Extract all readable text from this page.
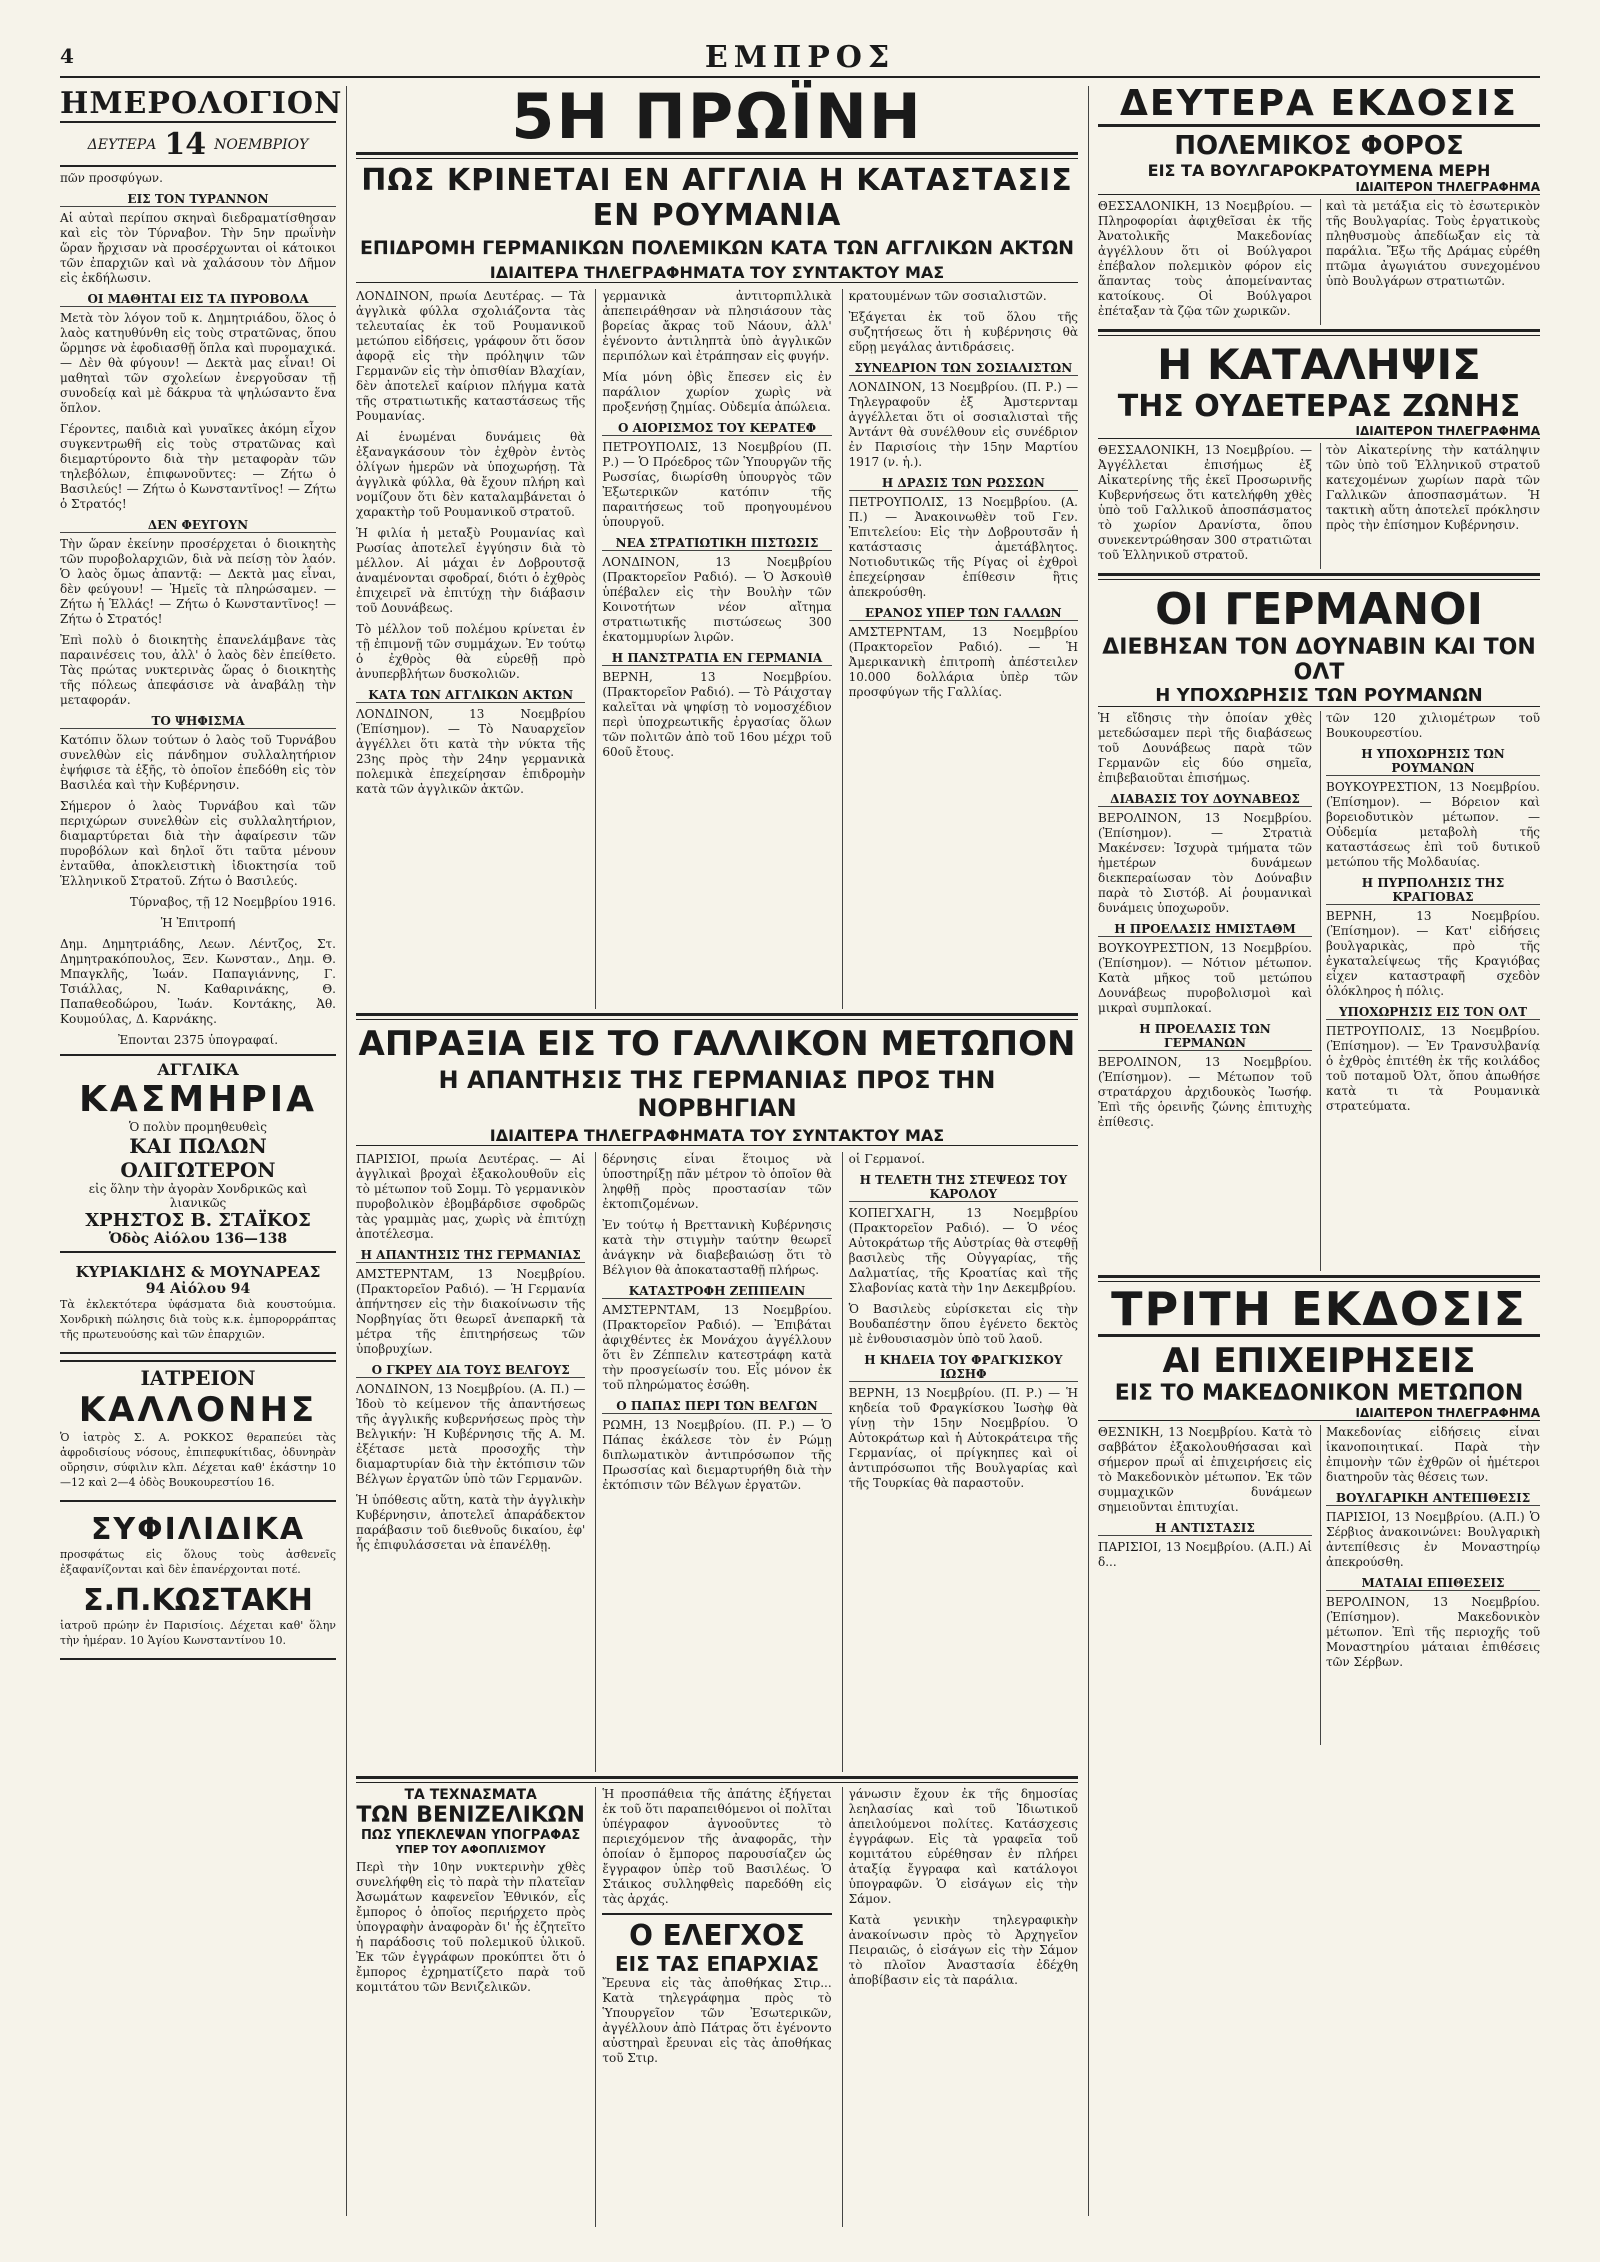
4	ΕΜΠΡΟΣ
ΗΜΕΡΟΛΟΓΙΟΝ
ΔΕΥΤΕΡΑ 14 ΝΟΕΜΒΡΙΟΥ

πῶν προσφύγων.

ΕΙΣ ΤΟΝ ΤΥΡΑΝΝΟΝ

Αἱ αὐταὶ περίπου σκηναὶ διεδραματίσθησαν καὶ εἰς τὸν Τύρναβον. Τὴν 5ην πρωΐνὴν ὥραν ἤρχισαν νὰ προσέρχωνται οἱ κάτοικοι τῶν ἐπαρχιῶν καὶ νὰ χαλάσουν τὸν Δῆμον εἰς ἐκδήλωσιν.

ΟΙ ΜΑΘΗΤΑΙ ΕΙΣ ΤΑ ΠΥΡΟΒΟΛΑ

Μετὰ τὸν λόγον τοῦ κ. Δημητριάδου, ὅλος ὁ λαὸς κατηυθύνθη εἰς τοὺς στρατῶνας, ὅπου ὥρμησε νὰ ἐφοδιασθῇ ὅπλα καὶ πυρομαχικά. — Δὲν θὰ φύγουν! — Δεκτὰ μας εἶναι! Οἱ μαθηταὶ τῶν σχολείων ἐνεργοῦσαν τῇ συνοδείᾳ καὶ μὲ δάκρυα τὰ ψηλώσαντο ἕνα ὅπλον.

Γέροντες, παιδιὰ καὶ γυναῖκες ἀκόμη εἶχον συγκεντρωθῆ εἰς τοὺς στρατῶνας καὶ διεμαρτύροντο διὰ τὴν μεταφορὰν τῶν τηλεβόλων, ἐπιφωνοῦντες: — Ζήτω ὁ Βασιλεύς! — Ζήτω ὁ Κωνσταντῖνος! — Ζήτω ὁ Στρατός!

ΔΕΝ ΦΕΥΓΟΥΝ

Τὴν ὥραν ἐκείνην προσέρχεται ὁ διοικητὴς τῶν πυροβολαρχιῶν, διὰ νὰ πείσῃ τὸν λαόν. Ὁ λαὸς ὅμως ἀπαντᾷ: — Δεκτὰ μας εἶναι, δὲν φεύγουν! — Ἠμεῖς τὰ πληρώσαμεν. — Ζήτω ἡ Ἑλλάς! — Ζήτω ὁ Κωνσταντῖνος! — Ζήτω ὁ Στρατός!

Ἐπὶ πολὺ ὁ διοικητὴς ἐπανελάμβανε τὰς παραινέσεις του, ἀλλ' ὁ λαὸς δὲν ἐπείθετο. Τὰς πρώτας νυκτερινὰς ὥρας ὁ διοικητὴς τῆς πόλεως ἀπεφάσισε νὰ ἀναβάλῃ τὴν μεταφοράν.

ΤΟ ΨΗΦΙΣΜΑ

Κατόπιν ὅλων τούτων ὁ λαὸς τοῦ Τυρνάβου συνελθὼν εἰς πάνδημον συλλαλητήριον ἐψήφισε τὰ ἑξῆς, τὸ ὁποῖον ἐπεδόθη εἰς τὸν Βασιλέα καὶ τὴν Κυβέρνησιν.

Σήμερον ὁ λαὸς Τυρνάβου καὶ τῶν περιχώρων συνελθὼν εἰς συλλαλητήριον, διαμαρτύρεται διὰ τὴν ἀφαίρεσιν τῶν πυροβόλων καὶ δηλοῖ ὅτι ταῦτα μένουν ἐνταῦθα, ἀποκλειστικὴ ἰδιοκτησία τοῦ Ἑλληνικοῦ Στρατοῦ. Ζήτω ὁ Βασιλεύς.

Τύρναβος, τῇ 12 Νοεμβρίου 1916.

Ἡ Ἐπιτροπή

Δημ. Δημητριάδης, Λεων. Λέντζος, Στ. Δημητρακόπουλος, Ξεν. Κωνσταν., Δημ. Θ. Μπαγκλῆς, Ἰωάν. Παπαγιάννης, Γ. Τσιάλλας, Ν. Καθαρινάκης, Θ. Παπαθεοδώρου, Ἰωάν. Κοντάκης, Ἀθ. Κουμούλας, Δ. Καρνάκης.

Ἐπονται 2375 ὑπογραφαί.

ΑΓΓΛΙΚΑ
ΚΑΣΜΗΡΙΑ
Ὁ πολὺν προμηθευθεὶς
ΚΑΙ ΠΩΛΩΝ ΟΛΙΓΩΤΕΡΟΝ
εἰς ὅλην τὴν ἀγορὰν Χονδρικῶς καὶ λιανικῶς
ΧΡΗΣΤΟΣ Β. ΣΤΑΪΚΟΣ
Ὁδὸς Αἰόλου 136—138
ΚΥΡΙΑΚΙΔΗΣ & ΜΟΥΝΑΡΕΑΣ
94 Αἰόλου 94

Τὰ ἐκλεκτότερα ὑφάσματα διὰ κουστούμια. Χονδρικὴ πώλησις διὰ τοὺς κ.κ. ἐμπορορράπτας τῆς πρωτευούσης καὶ τῶν ἐπαρχιῶν.

ΙΑΤΡΕΙΟΝ
ΚΑΛΛΟΝΗΣ

Ὁ ἰατρὸς Σ. Α. ΡΟΚΚΟΣ θεραπεύει τὰς ἀφροδισίους νόσους, ἐπιπεφυκίτιδας, ὀδυνηρὰν οὔρησιν, σύφιλιν κλπ. Δέχεται καθ' ἑκάστην 10—12 καὶ 2—4 ὁδὸς Βουκουρεστίου 16.

ΣΥΦΙΛΙΔΙΚΑ

προσφάτως εἰς ὅλους τοὺς ἀσθενεῖς ἐξαφανίζονται καὶ δὲν ἐπανέρχονται ποτέ.

Σ.Π.ΚΩΣΤΑΚΗ

ἰατροῦ πρώην ἐν Παρισίοις. Δέχεται καθ' ὅλην τὴν ἡμέραν. 10 Ἁγίου Κωνσταντίνου 10.

5Η ΠΡΩΪΝΗ
ΠΩΣ ΚΡΙΝΕΤΑΙ ΕΝ ΑΓΓΛΙΑ Η ΚΑΤΑΣΤΑΣΙΣ ΕΝ ΡΟΥΜΑΝΙΑ
ΕΠΙΔΡΟΜΗ ΓΕΡΜΑΝΙΚΩΝ ΠΟΛΕΜΙΚΩΝ ΚΑΤΑ ΤΩΝ ΑΓΓΛΙΚΩΝ ΑΚΤΩΝ
ΙΔΙΑΙΤΕΡΑ ΤΗΛΕΓΡΑΦΗΜΑΤΑ ΤΟΥ ΣΥΝΤΑΚΤΟΥ ΜΑΣ

ΛΟΝΔΙΝΟΝ, πρωία Δευτέρας. — Τὰ ἀγγλικὰ φύλλα σχολιάζοντα τὰς τελευταίας ἐκ τοῦ Ρουμανικοῦ μετώπου εἰδήσεις, γράφουν ὅτι ὅσον ἀφορᾷ εἰς τὴν πρόληψιν τῶν Γερμανῶν εἰς τὴν ὀπισθίαν Βλαχίαν, δὲν ἀποτελεῖ καίριον πλήγμα κατὰ τῆς στρατιωτικῆς καταστάσεως τῆς Ρουμανίας.

Αἱ ἑνωμέναι δυνάμεις θὰ ἐξαναγκάσουν τὸν ἐχθρὸν ἐντὸς ὀλίγων ἡμερῶν νὰ ὑποχωρήσῃ. Τὰ ἀγγλικὰ φύλλα, θὰ ἔχουν πλήρη καὶ νομίζουν ὅτι δὲν καταλαμβάνεται ὁ χαρακτὴρ τοῦ Ρουμανικοῦ στρατοῦ.

Ἡ φιλία ἡ μεταξὺ Ρουμανίας καὶ Ρωσίας ἀποτελεῖ ἐγγύησιν διὰ τὸ μέλλον. Αἱ μάχαι ἐν Δοβρουτσᾷ ἀναμένονται σφοδραί, διότι ὁ ἐχθρὸς ἐπιχειρεῖ νὰ ἐπιτύχῃ τὴν διάβασιν τοῦ Δουνάβεως.

Τὸ μέλλον τοῦ πολέμου κρίνεται ἐν τῇ ἐπιμονῇ τῶν συμμάχων. Ἐν τούτῳ ὁ ἐχθρὸς θὰ εὑρεθῇ πρὸ ἀνυπερβλήτων δυσκολιῶν.

ΚΑΤΑ ΤΩΝ ΑΓΓΛΙΚΩΝ ΑΚΤΩΝ

ΛΟΝΔΙΝΟΝ, 13 Νοεμβρίου (Ἐπίσημον). — Τὸ Ναυαρχεῖον ἀγγέλλει ὅτι κατὰ τὴν νύκτα τῆς 23ης πρὸς τὴν 24ην γερμανικὰ πολεμικὰ ἐπεχείρησαν ἐπιδρομὴν κατὰ τῶν ἀγγλικῶν ἀκτῶν.

γερμανικὰ ἀντιτορπιλλικὰ ἀπεπειράθησαν νὰ πλησιάσουν τὰς βορείας ἄκρας τοῦ Νάουν, ἀλλ' ἐγένοντο ἀντιληπτὰ ὑπὸ ἀγγλικῶν περιπόλων καὶ ἐτράπησαν εἰς φυγήν.

Μία μόνη ὀβὶς ἔπεσεν εἰς ἐν παράλιον χωρίον χωρὶς νὰ προξενήσῃ ζημίας. Οὐδεμία ἀπώλεια.

Ο ΑΙΟΡΙΣΜΟΣ ΤΟΥ ΚΕΡΑΤΕΦ

ΠΕΤΡΟΥΠΟΛΙΣ, 13 Νοεμβρίου (Π. Ρ.) — Ὁ Πρόεδρος τῶν Ὑπουργῶν τῆς Ρωσσίας, διωρίσθη ὑπουργὸς τῶν Ἐξωτερικῶν κατόπιν τῆς παραιτήσεως τοῦ προηγουμένου ὑπουργοῦ.

ΝΕΑ ΣΤΡΑΤΙΩΤΙΚΗ ΠΙΣΤΩΣΙΣ

ΛΟΝΔΙΝΟΝ, 13 Νοεμβρίου (Πρακτορεῖον Ραδιό). — Ὁ Ἀσκουὶθ ὑπέβαλεν εἰς τὴν Βουλὴν τῶν Κοινοτήτων νέον αἴτημα στρατιωτικῆς πιστώσεως 300 ἑκατομμυρίων λιρῶν.

Η ΠΑΝΣΤΡΑΤΙΑ ΕΝ ΓΕΡΜΑΝΙΑ

ΒΕΡΝΗ, 13 Νοεμβρίου. (Πρακτορεῖον Ραδιό). — Τὸ Ράιχσταγ καλεῖται νὰ ψηφίσῃ τὸ νομοσχέδιον περὶ ὑποχρεωτικῆς ἐργασίας ὅλων τῶν πολιτῶν ἀπὸ τοῦ 16ου μέχρι τοῦ 60οῦ ἔτους.

κρατουμένων τῶν σοσιαλιστῶν.

Ἐξάγεται ἐκ τοῦ ὅλου τῆς συζητήσεως ὅτι ἡ κυβέρνησις θὰ εὕρῃ μεγάλας ἀντιδράσεις.

ΣΥΝΕΔΡΙΟΝ ΤΩΝ ΣΟΣΙΑΛΙΣΤΩΝ

ΛΟΝΔΙΝΟΝ, 13 Νοεμβρίου. (Π. Ρ.) — Τηλεγραφοῦν ἐξ Ἀμστερνταμ ἀγγέλλεται ὅτι οἱ σοσιαλισταὶ τῆς Ἀντάντ θὰ συνέλθουν εἰς συνέδριον ἐν Παρισίοις τὴν 15ην Μαρτίου 1917 (ν. ἡ.).

Η ΔΡΑΣΙΣ ΤΩΝ ΡΩΣΣΩΝ

ΠΕΤΡΟΥΠΟΛΙΣ, 13 Νοεμβρίου. (Α. Π.) — Ἀνακοινωθὲν τοῦ Γεν. Ἐπιτελείου: Εἰς τὴν Δοβρουτσᾶν ἡ κατάστασις ἀμετάβλητος. Νοτιοδυτικῶς τῆς Ρίγας οἱ ἐχθροὶ ἐπεχείρησαν ἐπίθεσιν ἣτις ἀπεκρούσθη.

ΕΡΑΝΟΣ ΥΠΕΡ ΤΩΝ ΓΑΛΛΩΝ

ΑΜΣΤΕΡΝΤΑΜ, 13 Νοεμβρίου (Πρακτορεῖον Ραδιό). — Ἡ Ἀμερικανικὴ ἐπιτροπὴ ἀπέστειλεν 10.000 δολλάρια ὑπὲρ τῶν προσφύγων τῆς Γαλλίας.

ΑΠΡΑΞΙΑ ΕΙΣ ΤΟ ΓΑΛΛΙΚΟΝ ΜΕΤΩΠΟΝ
Η ΑΠΑΝΤΗΣΙΣ ΤΗΣ ΓΕΡΜΑΝΙΑΣ ΠΡΟΣ ΤΗΝ ΝΟΡΒΗΓΙΑΝ
ΙΔΙΑΙΤΕΡΑ ΤΗΛΕΓΡΑΦΗΜΑΤΑ ΤΟΥ ΣΥΝΤΑΚΤΟΥ ΜΑΣ

ΠΑΡΙΣΙΟΙ, πρωία Δευτέρας. — Αἱ ἀγγλικαὶ βροχαὶ ἐξακολουθοῦν εἰς τὸ μέτωπον τοῦ Σομμ. Τὸ γερμανικὸν πυροβολικὸν ἐβομβάρδισε σφοδρῶς τὰς γραμμὰς μας, χωρὶς νὰ ἐπιτύχῃ ἀποτέλεσμα.

Η ΑΠΑΝΤΗΣΙΣ ΤΗΣ ΓΕΡΜΑΝΙΑΣ

ΑΜΣΤΕΡΝΤΑΜ, 13 Νοεμβρίου. (Πρακτορεῖον Ραδιό). — Ἡ Γερμανία ἀπήντησεν εἰς τὴν διακοίνωσιν τῆς Νορβηγίας ὅτι θεωρεῖ ἀνεπαρκῆ τὰ μέτρα τῆς ἐπιτηρήσεως τῶν ὑποβρυχίων.

Ο ΓΚΡΕΥ ΔΙΑ ΤΟΥΣ ΒΕΛΓΟΥΣ

ΛΟΝΔΙΝΟΝ, 13 Νοεμβρίου. (Α. Π.) — Ἰδοὺ τὸ κείμενον τῆς ἀπαντήσεως τῆς ἀγγλικῆς κυβερνήσεως πρὸς τὴν Βελγικήν: Ἡ Κυβέρνησις τῆς Α. Μ. ἐξέτασε μετὰ προσοχῆς τὴν διαμαρτυρίαν διὰ τὴν ἐκτόπισιν τῶν Βέλγων ἐργατῶν ὑπὸ τῶν Γερμανῶν.

Ἡ ὑπόθεσις αὕτη, κατὰ τὴν ἀγγλικὴν Κυβέρνησιν, ἀποτελεῖ ἀπαράδεκτον παράβασιν τοῦ διεθνοῦς δικαίου, ἐφ' ἧς ἐπιφυλάσσεται νὰ ἐπανέλθῃ.

δέρνησις εἶναι ἕτοιμος νὰ ὑποστηρίξῃ πᾶν μέτρον τὸ ὁποῖον θὰ ληφθῇ πρὸς προστασίαν τῶν ἐκτοπιζομένων.

Ἐν τούτῳ ἡ Βρεττανικὴ Κυβέρνησις κατὰ τὴν στιγμὴν ταύτην θεωρεῖ ἀνάγκην νὰ διαβεβαιώσῃ ὅτι τὸ Βέλγιον θὰ ἀποκατασταθῇ πλήρως.

ΚΑΤΑΣΤΡΟΦΗ ΖΕΠΠΕΛΙΝ

ΑΜΣΤΕΡΝΤΑΜ, 13 Νοεμβρίου. (Πρακτορεῖον Ραδιό). — Ἐπιβάται ἀφιχθέντες ἐκ Μονάχου ἀγγέλλουν ὅτι ἓν Ζέππελιν κατεστράφη κατὰ τὴν προσγείωσίν του. Εἷς μόνον ἐκ τοῦ πληρώματος ἐσώθη.

Ο ΠΑΠΑΣ ΠΕΡΙ ΤΩΝ ΒΕΛΓΩΝ

ΡΩΜΗ, 13 Νοεμβρίου. (Π. Ρ.) — Ὁ Πάπας ἐκάλεσε τὸν ἐν Ρώμῃ διπλωματικὸν ἀντιπρόσωπον τῆς Πρωσσίας καὶ διεμαρτυρήθη διὰ τὴν ἐκτόπισιν τῶν Βέλγων ἐργατῶν.

οἱ Γερμανοί.

Η ΤΕΛΕΤΗ ΤΗΣ ΣΤΕΨΕΩΣ ΤΟΥ ΚΑΡΟΛΟΥ

ΚΟΠΕΓΧΑΓΗ, 13 Νοεμβρίου (Πρακτορεῖον Ραδιό). — Ὁ νέος Αὐτοκράτωρ τῆς Αὐστρίας θὰ στεφθῇ βασιλεὺς τῆς Οὐγγαρίας, τῆς Δαλματίας, τῆς Κροατίας καὶ τῆς Σλαβονίας κατὰ τὴν 1ην Δεκεμβρίου.

Ὁ Βασιλεὺς εὑρίσκεται εἰς τὴν Βουδαπέστην ὅπου ἐγένετο δεκτὸς μὲ ἐνθουσιασμὸν ὑπὸ τοῦ λαοῦ.

Η ΚΗΔΕΙΑ ΤΟΥ ΦΡΑΓΚΙΣΚΟΥ ΙΩΣΗΦ

ΒΕΡΝΗ, 13 Νοεμβρίου. (Π. Ρ.) — Ἡ κηδεία τοῦ Φραγκίσκου Ἰωσὴφ θὰ γίνῃ τὴν 15ην Νοεμβρίου. Ὁ Αὐτοκράτωρ καὶ ἡ Αὐτοκράτειρα τῆς Γερμανίας, οἱ πρίγκηπες καὶ οἱ ἀντιπρόσωποι τῆς Βουλγαρίας καὶ τῆς Τουρκίας θὰ παραστοῦν.

ΤΑ ΤΕΧΝΑΣΜΑΤΑ
ΤΩΝ ΒΕΝΙΖΕΛΙΚΩΝ
ΠΩΣ ΥΠΕΚΛΕΨΑΝ ΥΠΟΓΡΑΦΑΣ
ΥΠΕΡ ΤΟΥ ΑΦΟΠΛΙΣΜΟΥ

Περὶ τὴν 10ην νυκτερινὴν χθὲς συνελήφθη εἰς τὸ παρὰ τὴν πλατεῖαν Ἀσωμάτων καφενεῖον Ἐθνικόν, εἷς ἔμπορος ὁ ὁποῖος περιήρχετο πρὸς ὑπογραφὴν ἀναφορὰν δι' ἧς ἐζητεῖτο ἡ παράδοσις τοῦ πολεμικοῦ ὑλικοῦ. Ἐκ τῶν ἐγγράφων προκύπτει ὅτι ὁ ἔμπορος ἐχρηματίζετο παρὰ τοῦ κομιτάτου τῶν Βενιζελικῶν.

Ἡ προσπάθεια τῆς ἀπάτης ἐξήγεται ἐκ τοῦ ὅτι παραπειθόμενοι οἱ πολῖται ὑπέγραφον ἀγνοοῦντες τὸ περιεχόμενον τῆς ἀναφορᾶς, τὴν ὁποίαν ὁ ἔμπορος παρουσίαζεν ὡς ἔγγραφον ὑπὲρ τοῦ Βασιλέως. Ὁ Στάικος συλληφθεὶς παρεδόθη εἰς τὰς ἀρχάς.

Ο ΕΛΕΓΧΟΣ
ΕΙΣ ΤΑΣ ΕΠΑΡΧΙΑΣ

Ἔρευνα εἰς τὰς ἀποθήκας Στιρ... Κατὰ τηλεγράφημα πρὸς τὸ Ὑπουργεῖον τῶν Ἐσωτερικῶν, ἀγγέλλουν ἀπὸ Πάτρας ὅτι ἐγένοντο αὐστηραὶ ἔρευναι εἰς τὰς ἀποθήκας τοῦ Στιρ.

γάνωσιν ἔχουν ἐκ τῆς δημοσίας λεηλασίας καὶ τοῦ Ἰδιωτικοῦ ἀπειλούμενοι πολίτες. Κατάσχεσις ἐγγράφων. Εἰς τὰ γραφεῖα τοῦ κομιτάτου εὑρέθησαν ἐν πλήρει ἀταξίᾳ ἔγγραφα καὶ κατάλογοι ὑπογραφῶν. Ὁ εἰσάγων εἰς τὴν Σάμον.

Κατὰ γενικὴν τηλεγραφικὴν ἀνακοίνωσιν πρὸς τὸ Ἀρχηγεῖον Πειραιῶς, ὁ εἰσάγων εἰς τὴν Σάμον τὸ πλοῖον Ἀναστασία ἐδέχθη ἀποβίβασιν εἰς τὰ παράλια.

ΔΕΥΤΕΡΑ ΕΚΔΟΣΙΣ
ΠΟΛΕΜΙΚΟΣ ΦΟΡΟΣ
ΕΙΣ ΤΑ ΒΟΥΛΓΑΡΟΚΡΑΤΟΥΜΕΝΑ ΜΕΡΗ
ΙΔΙΑΙΤΕΡΟΝ ΤΗΛΕΓΡΑΦΗΜΑ

ΘΕΣΣΑΛΟΝΙΚΗ, 13 Νοεμβρίου. — Πληροφορίαι ἀφιχθεῖσαι ἐκ τῆς Ἀνατολικῆς Μακεδονίας ἀγγέλλουν ὅτι οἱ Βούλγαροι ἐπέβαλον πολεμικὸν φόρον εἰς ἅπαντας τοὺς ἀπομείναντας κατοίκους. Οἱ Βούλγαροι ἐπέταξαν τὰ ζῷα τῶν χωρικῶν.

καὶ τὰ μετάξια εἰς τὸ ἐσωτερικὸν τῆς Βουλγαρίας. Τοὺς ἐργατικοὺς πληθυσμοὺς ἀπεδίωξαν εἰς τὰ παράλια. Ἔξω τῆς Δράμας εὑρέθη πτῶμα ἀγωγιάτου συνεχομένου ὑπὸ Βουλγάρων στρατιωτῶν.

Η ΚΑΤΑΛΗΨΙΣ
ΤΗΣ ΟΥΔΕΤΕΡΑΣ ΖΩΝΗΣ
ΙΔΙΑΙΤΕΡΟΝ ΤΗΛΕΓΡΑΦΗΜΑ

ΘΕΣΣΑΛΟΝΙΚΗ, 13 Νοεμβρίου. — Ἀγγέλλεται ἐπισήμως ἐξ Αἰκατερίνης τῆς ἐκεῖ Προσωρινῆς Κυβερνήσεως ὅτι κατελήφθη χθὲς ὑπὸ τοῦ Γαλλικοῦ ἀποσπάσματος τὸ χωρίον Δρανίστα, ὅπου συνεκεντρώθησαν 300 στρατιῶται τοῦ Ἑλληνικοῦ στρατοῦ.

τὸν Αἰκατερίνης τὴν κατάληψιν τῶν ὑπὸ τοῦ Ἑλληνικοῦ στρατοῦ κατεχομένων χωρίων παρὰ τῶν Γαλλικῶν ἀποσπασμάτων. Ἡ τακτικὴ αὕτη ἀποτελεῖ πρόκλησιν πρὸς τὴν ἐπίσημον Κυβέρνησιν.

ΟΙ ΓΕΡΜΑΝΟΙ
ΔΙΕΒΗΣΑΝ ΤΟΝ ΔΟΥΝΑΒΙΝ ΚΑΙ ΤΟΝ ΟΛΤ
Η ΥΠΟΧΩΡΗΣΙΣ ΤΩΝ ΡΟΥΜΑΝΩΝ

Ἡ εἴδησις τὴν ὁποίαν χθὲς μετεδώσαμεν περὶ τῆς διαβάσεως τοῦ Δουνάβεως παρὰ τῶν Γερμανῶν εἰς δύο σημεῖα, ἐπιβεβαιοῦται ἐπισήμως.

ΔΙΑΒΑΣΙΣ ΤΟΥ ΔΟΥΝΑΒΕΩΣ

ΒΕΡΟΛΙΝΟΝ, 13 Νοεμβρίου. (Ἐπίσημον). — Στρατιὰ Μακένσεν: Ἰσχυρὰ τμήματα τῶν ἡμετέρων δυνάμεων διεκπεραίωσαν τὸν Δούναβιν παρὰ τὸ Σιστόβ. Αἱ ῥουμανικαὶ δυνάμεις ὑποχωροῦν.

Η ΠΡΟΕΛΑΣΙΣ ΗΜΙΣΤΑΘΜ

ΒΟΥΚΟΥΡΕΣΤΙΟΝ, 13 Νοεμβρίου. (Ἐπίσημον). — Νότιον μέτωπον. Κατὰ μῆκος τοῦ μετώπου Δουνάβεως πυροβολισμοὶ καὶ μικραὶ συμπλοκαί.

Η ΠΡΟΕΛΑΣΙΣ ΤΩΝ ΓΕΡΜΑΝΩΝ

ΒΕΡΟΛΙΝΟΝ, 13 Νοεμβρίου. (Ἐπίσημον). — Μέτωπον τοῦ στρατάρχου ἀρχιδουκὸς Ἰωσήφ. Ἐπὶ τῆς ὁρεινῆς ζώνης ἐπιτυχὴς ἐπίθεσις.

τῶν 120 χιλιομέτρων τοῦ Βουκουρεστίου.

Η ΥΠΟΧΩΡΗΣΙΣ ΤΩΝ ΡΟΥΜΑΝΩΝ

ΒΟΥΚΟΥΡΕΣΤΙΟΝ, 13 Νοεμβρίου. (Ἐπίσημον). — Βόρειον καὶ βορειοδυτικὸν μέτωπον. — Οὐδεμία μεταβολὴ τῆς καταστάσεως ἐπὶ τοῦ δυτικοῦ μετώπου τῆς Μολδαυίας.

Η ΠΥΡΠΟΛΗΣΙΣ ΤΗΣ ΚΡΑΓΙΟΒΑΣ

ΒΕΡΝΗ, 13 Νοεμβρίου. (Ἐπίσημον). — Κατ' εἰδήσεις βουλγαρικὰς, πρὸ τῆς ἐγκαταλείψεως τῆς Κραγιόβας εἶχεν καταστραφῆ σχεδὸν ὁλόκληρος ἡ πόλις.

ΥΠΟΧΩΡΗΣΙΣ ΕΙΣ ΤΟΝ ΟΛΤ

ΠΕΤΡΟΥΠΟΛΙΣ, 13 Νοεμβρίου. (Ἐπίσημον). — Ἐν Τρανσυλβανίᾳ ὁ ἐχθρὸς ἐπιτέθη ἐκ τῆς κοιλάδος τοῦ ποταμοῦ Ὀλτ, ὅπου ἀπωθήσε κατὰ τι τὰ Ρουμανικὰ στρατεύματα.

ΤΡΙΤΗ ΕΚΔΟΣΙΣ
ΑΙ ΕΠΙΧΕΙΡΗΣΕΙΣ
ΕΙΣ ΤΟ ΜΑΚΕΔΟΝΙΚΟΝ ΜΕΤΩΠΟΝ
ΙΔΙΑΙΤΕΡΟΝ ΤΗΛΕΓΡΑΦΗΜΑ

ΘΕΣΝΙΚΗ, 13 Νοεμβρίου. Κατὰ τὸ σαββάτον ἐξακολουθήσασαι καὶ σήμερον πρωΐ αἱ ἐπιχειρήσεις εἰς τὸ Μακεδονικὸν μέτωπον. Ἐκ τῶν συμμαχικῶν δυνάμεων σημειοῦνται ἐπιτυχίαι.

Η ΑΝΤΙΣΤΑΣΙΣ

ΠΑΡΙΣΙΟΙ, 13 Νοεμβρίου. (Α.Π.) Αἱ δ...

Μακεδονίας εἰδήσεις εἶναι ἱκανοποιητικαί. Παρὰ τὴν ἐπιμονὴν τῶν ἐχθρῶν οἱ ἡμέτεροι διατηροῦν τὰς θέσεις των.

ΒΟΥΛΓΑΡΙΚΗ ΑΝΤΕΠΙΘΕΣΙΣ

ΠΑΡΙΣΙΟΙ, 13 Νοεμβρίου. (Α.Π.) Ὁ Σέρβιος ἀνακοινώνει: Βουλγαρικὴ ἀντεπίθεσις ἐν Μοναστηρίῳ ἀπεκρούσθη.

ΜΑΤΑΙΑΙ ΕΠΙΘΕΣΕΙΣ

ΒΕΡΟΛΙΝΟΝ, 13 Νοεμβρίου. (Ἐπίσημον). Μακεδονικὸν μέτωπον. Ἐπὶ τῆς περιοχῆς τοῦ Μοναστηρίου μάταιαι ἐπιθέσεις τῶν Σέρβων.
